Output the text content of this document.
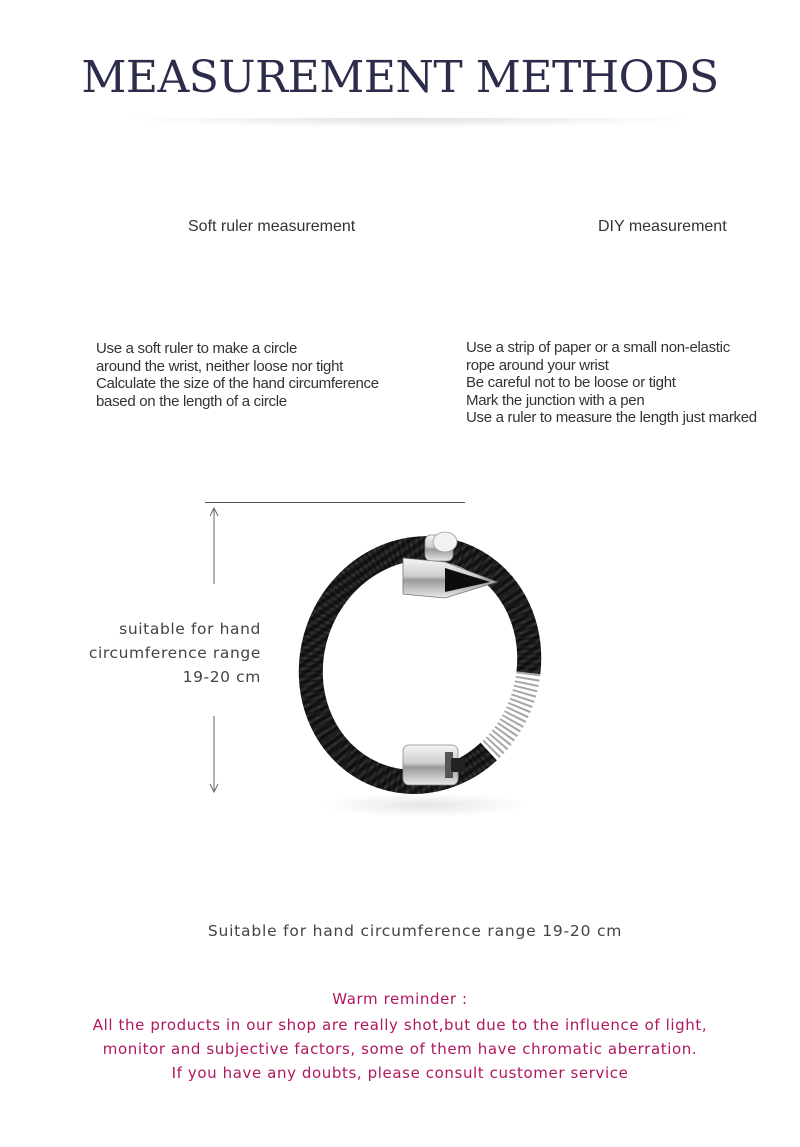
MEASUREMENT METHODS
Soft ruler measurement	DIY measurement
Use a soft ruler to make a circle
around the wrist, neither loose nor tight
Calculate the size of the hand circumference
based on the length of a circle
Use a strip of paper or a small non-elastic
rope around your wrist
Be careful not to be loose or tight
Mark the junction with a pen
Use a ruler to measure the length just marked
suitable for hand
circumference range
19-20 cm
Suitable for hand circumference range 19-20 cm
Warm reminder :
All the products in our shop are really shot,but due to the influence of light,
monitor and subjective factors, some of them have chromatic aberration.
If you have any doubts, please consult customer service
